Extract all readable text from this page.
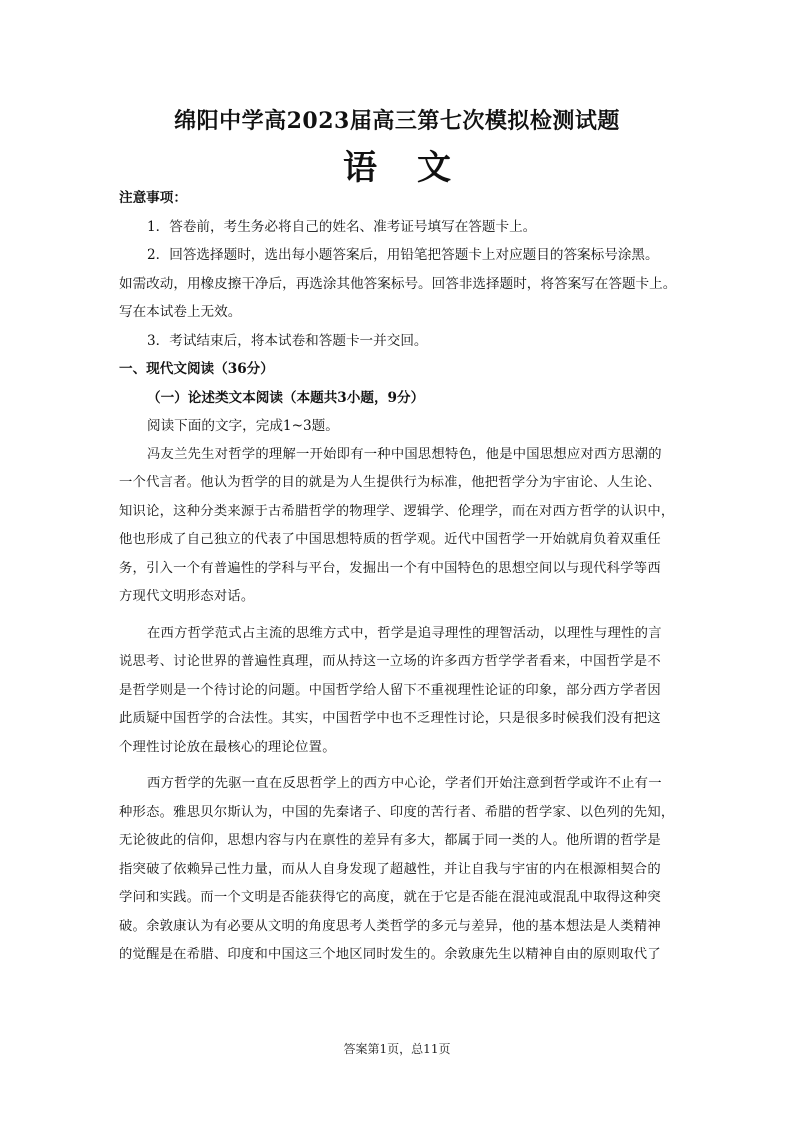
绵阳中学高2023届高三第七次模拟检测试题
语文
注意事项：
1．答卷前，考生务必将自己的姓名、准考证号填写在答题卡上。
2．回答选择题时，选出每小题答案后，用铅笔把答题卡上对应题目的答案标号涂黑。
如需改动，用橡皮擦干净后，再选涂其他答案标号。回答非选择题时，将答案写在答题卡上。
写在本试卷上无效。
3．考试结束后，将本试卷和答题卡一并交回。
一、现代文阅读（36分）
（一）论述类文本阅读（本题共3小题，9分）
阅读下面的文字，完成1~3题。
冯友兰先生对哲学的理解一开始即有一种中国思想特色，他是中国思想应对西方思潮的
一个代言者。他认为哲学的目的就是为人生提供行为标准，他把哲学分为宇宙论、人生论、
知识论，这种分类来源于古希腊哲学的物理学、逻辑学、伦理学，而在对西方哲学的认识中，
他也形成了自己独立的代表了中国思想特质的哲学观。近代中国哲学一开始就肩负着双重任
务，引入一个有普遍性的学科与平台，发掘出一个有中国特色的思想空间以与现代科学等西
方现代文明形态对话。
在西方哲学范式占主流的思维方式中，哲学是追寻理性的理智活动，以理性与理性的言
说思考、讨论世界的普遍性真理，而从持这一立场的许多西方哲学学者看来，中国哲学是不
是哲学则是一个待讨论的问题。中国哲学给人留下不重视理性论证的印象，部分西方学者因
此质疑中国哲学的合法性。其实，中国哲学中也不乏理性讨论，只是很多时候我们没有把这
个理性讨论放在最核心的理论位置。
西方哲学的先驱一直在反思哲学上的西方中心论，学者们开始注意到哲学或许不止有一
种形态。雅思贝尔斯认为，中国的先秦诸子、印度的苦行者、希腊的哲学家、以色列的先知，
无论彼此的信仰，思想内容与内在禀性的差异有多大，都属于同一类的人。他所谓的哲学是
指突破了依赖异己性力量，而从人自身发现了超越性，并让自我与宇宙的内在根源相契合的
学问和实践。而一个文明是否能获得它的高度，就在于它是否能在混沌或混乱中取得这种突
破。余敦康认为有必要从文明的角度思考人类哲学的多元与差异，他的基本想法是人类精神
的觉醒是在希腊、印度和中国这三个地区同时发生的。余敦康先生以精神自由的原则取代了
答案第1页，总11页
